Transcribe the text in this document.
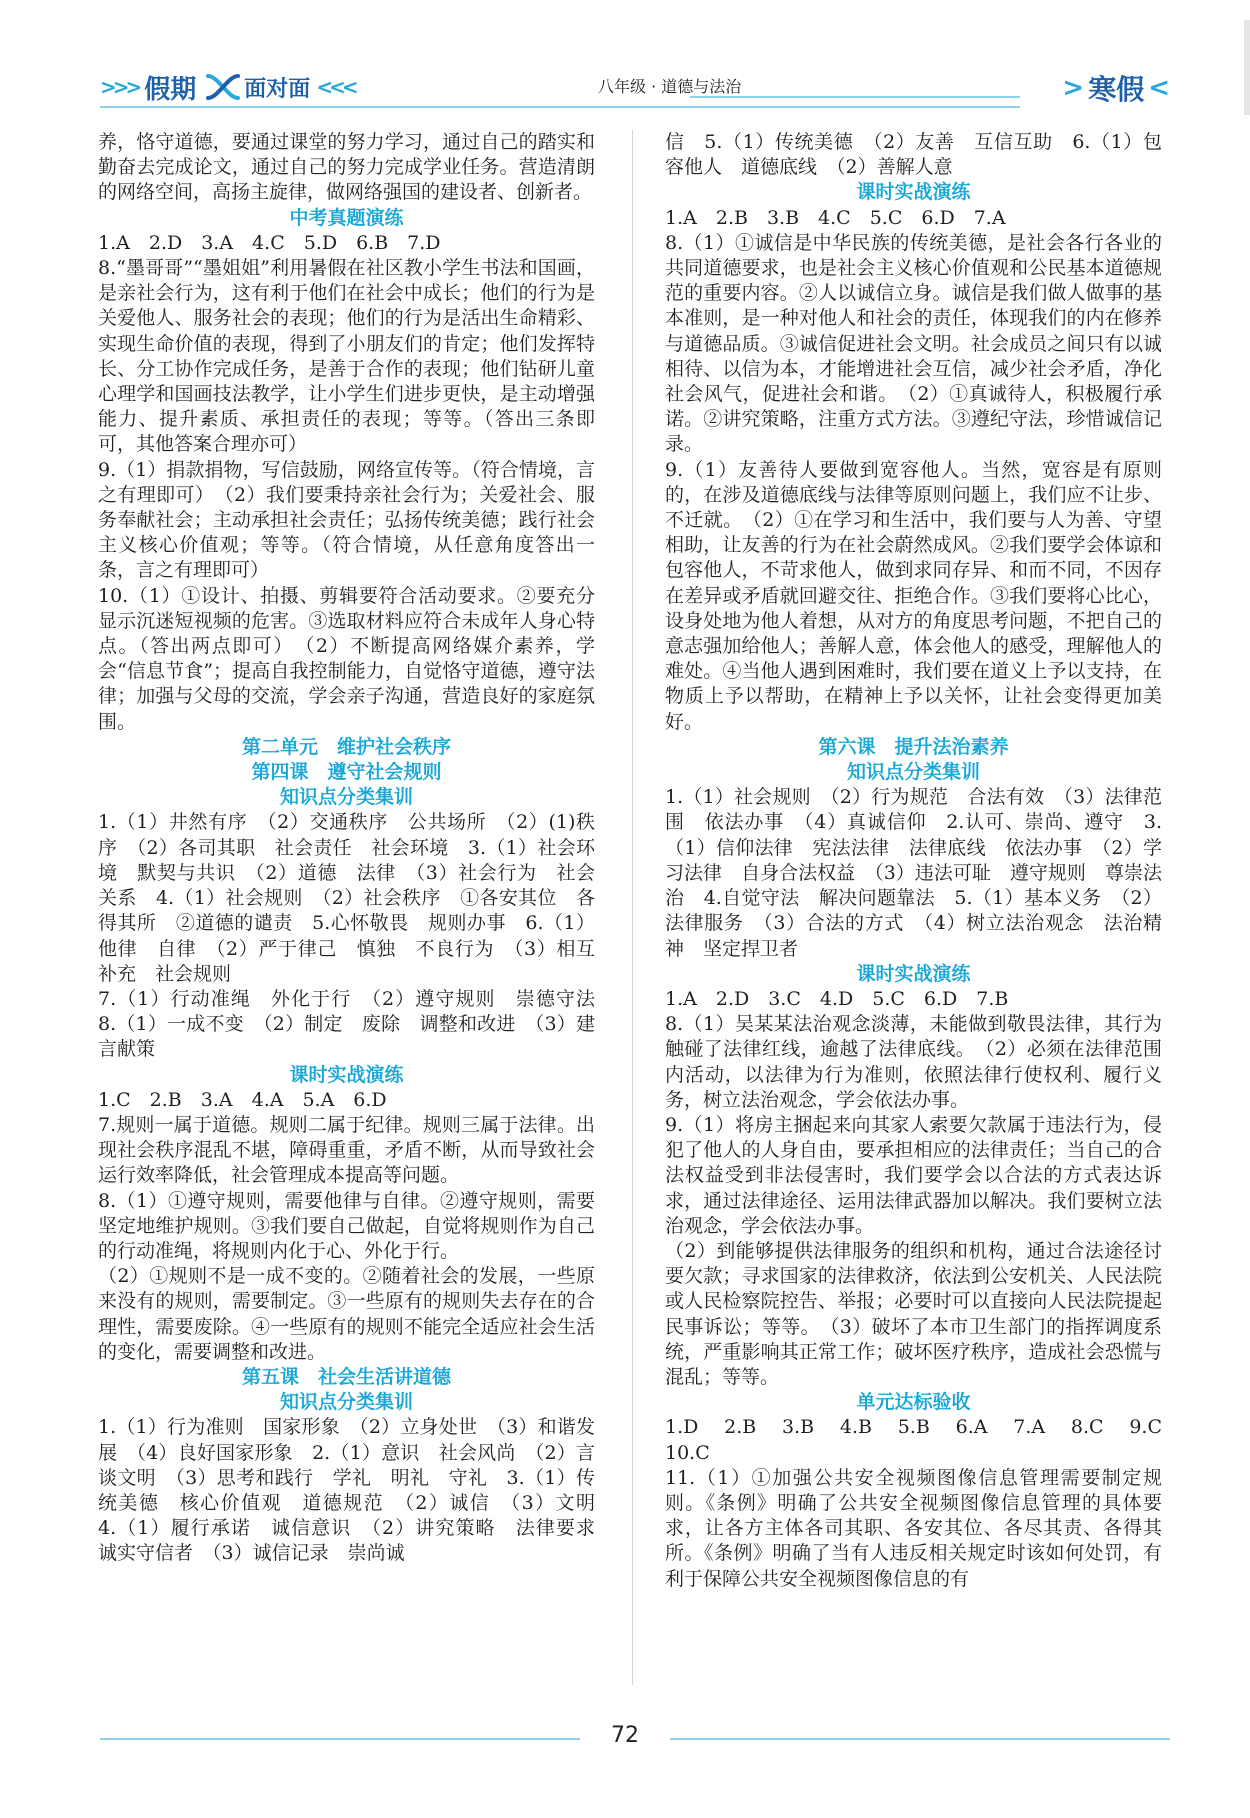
>>> 假期 面对面 <<<	八年级 · 道德与法治	> 寒假 <

养，恪守道德，要通过课堂的努力学习，通过自己的踏实和勤奋去完成论文，通过自己的努力完成学业任务。营造清朗的网络空间，高扬主旋律，做网络强国的建设者、创新者。

中考真题演练

1.A　2.D　3.A　4.C　5.D　6.B　7.D

8.“墨哥哥”“墨姐姐”利用暑假在社区教小学生书法和国画，是亲社会行为，这有利于他们在社会中成长；他们的行为是关爱他人、服务社会的表现；他们的行为是活出生命精彩、实现生命价值的表现，得到了小朋友们的肯定；他们发挥特长、分工协作完成任务，是善于合作的表现；他们钻研儿童心理学和国画技法教学，让小学生们进步更快，是主动增强能力、提升素质、承担责任的表现；等等。（答出三条即可，其他答案合理亦可）

9.（1）捐款捐物，写信鼓励，网络宣传等。（符合情境，言之有理即可）　（2）我们要秉持亲社会行为；关爱社会、服务奉献社会；主动承担社会责任；弘扬传统美德；践行社会主义核心价值观；等等。（符合情境，从任意角度答出一条，言之有理即可）

10.（1）①设计、拍摄、剪辑要符合活动要求。②要充分显示沉迷短视频的危害。③选取材料应符合未成年人身心特点。（答出两点即可）　（2）不断提高网络媒介素养，学会“信息节食”；提高自我控制能力，自觉恪守道德，遵守法律；加强与父母的交流，学会亲子沟通，营造良好的家庭氛围。

第二单元　维护社会秩序

第四课　遵守社会规则

知识点分类集训

1.（1）井然有序　（2）交通秩序　公共场所　（2）(1)秩序　（2）各司其职　社会责任　社会环境　3.（1）社会环境　默契与共识　（2）道德　法律　（3）社会行为　社会关系　4.（1）社会规则　（2）社会秩序　①各安其位　各得其所　②道德的谴责　5.心怀敬畏　规则办事　6.（1）他律　自律　（2）严于律己　慎独　不良行为　（3）相互补充　社会规则

7.（1）行动准绳　外化于行　（2）遵守规则　崇德守法　8.（1）一成不变　（2）制定　废除　调整和改进　（3）建言献策

课时实战演练

1.C　2.B　3.A　4.A　5.A　6.D

7.规则一属于道德。规则二属于纪律。规则三属于法律。出现社会秩序混乱不堪，障碍重重，矛盾不断，从而导致社会运行效率降低，社会管理成本提高等问题。

8.（1）①遵守规则，需要他律与自律。②遵守规则，需要坚定地维护规则。③我们要自己做起，自觉将规则作为自己的行动准绳，将规则内化于心、外化于行。

（2）①规则不是一成不变的。②随着社会的发展，一些原来没有的规则，需要制定。③一些原有的规则失去存在的合理性，需要废除。④一些原有的规则不能完全适应社会生活的变化，需要调整和改进。

第五课　社会生活讲道德

知识点分类集训

1.（1）行为准则　国家形象　（2）立身处世　（3）和谐发展　（4）良好国家形象　2.（1）意识　社会风尚　（2）言谈文明　（3）思考和践行　学礼　明礼　守礼　3.（1）传统美德　核心价值观　道德规范　（2）诚信　（3）文明　4.（1）履行承诺　诚信意识　（2）讲究策略　法律要求　诚实守信者　（3）诚信记录　崇尚诚

信　5.（1）传统美德　（2）友善　互信互助　6.（1）包容他人　道德底线　（2）善解人意

课时实战演练

1.A　2.B　3.B　4.C　5.C　6.D　7.A

8.（1）①诚信是中华民族的传统美德，是社会各行各业的共同道德要求，也是社会主义核心价值观和公民基本道德规范的重要内容。②人以诚信立身。诚信是我们做人做事的基本准则，是一种对他人和社会的责任，体现我们的内在修养与道德品质。③诚信促进社会文明。社会成员之间只有以诚相待、以信为本，才能增进社会互信，减少社会矛盾，净化社会风气，促进社会和谐。　（2）①真诚待人，积极履行承诺。②讲究策略，注重方式方法。③遵纪守法，珍惜诚信记录。

9.（1）友善待人要做到宽容他人。当然，宽容是有原则的，在涉及道德底线与法律等原则问题上，我们应不让步、不迁就。　（2）①在学习和生活中，我们要与人为善、守望相助，让友善的行为在社会蔚然成风。②我们要学会体谅和包容他人，不苛求他人，做到求同存异、和而不同，不因存在差异或矛盾就回避交往、拒绝合作。③我们要将心比心，设身处地为他人着想，从对方的角度思考问题，不把自己的意志强加给他人；善解人意，体会他人的感受，理解他人的难处。④当他人遇到困难时，我们要在道义上予以支持，在物质上予以帮助，在精神上予以关怀，让社会变得更加美好。

第六课　提升法治素养

知识点分类集训

1.（1）社会规则　（2）行为规范　合法有效　（3）法律范围　依法办事　（4）真诚信仰　2.认可、崇尚、遵守　3.（1）信仰法律　宪法法律　法律底线　依法办事　（2）学习法律　自身合法权益　（3）违法可耻　遵守规则　尊崇法治　4.自觉守法　解决问题靠法　5.（1）基本义务　（2）法律服务　（3）合法的方式　（4）树立法治观念　法治精神　坚定捍卫者

课时实战演练

1.A　2.D　3.C　4.D　5.C　6.D　7.B

8.（1）吴某某法治观念淡薄，未能做到敬畏法律，其行为触碰了法律红线，逾越了法律底线。　（2）必须在法律范围内活动，以法律为行为准则，依照法律行使权利、履行义务，树立法治观念，学会依法办事。

9.（1）将房主捆起来向其家人索要欠款属于违法行为，侵犯了他人的人身自由，要承担相应的法律责任；当自己的合法权益受到非法侵害时，我们要学会以合法的方式表达诉求，通过法律途径、运用法律武器加以解决。我们要树立法治观念，学会依法办事。

（2）到能够提供法律服务的组织和机构，通过合法途径讨要欠款；寻求国家的法律救济，依法到公安机关、人民法院或人民检察院控告、举报；必要时可以直接向人民法院提起民事诉讼；等等。　（3）破坏了本市卫生部门的指挥调度系统，严重影响其正常工作；破坏医疗秩序，造成社会恐慌与混乱；等等。

单元达标验收

1.D　2.B　3.B　4.B　5.B　6.A　7.A　8.C　9.C　10.C

11.（1）①加强公共安全视频图像信息管理需要制定规则。《条例》明确了公共安全视频图像信息管理的具体要求，让各方主体各司其职、各安其位、各尽其责、各得其所。《条例》明确了当有人违反相关规定时该如何处罚，有利于保障公共安全视频图像信息的有

72
